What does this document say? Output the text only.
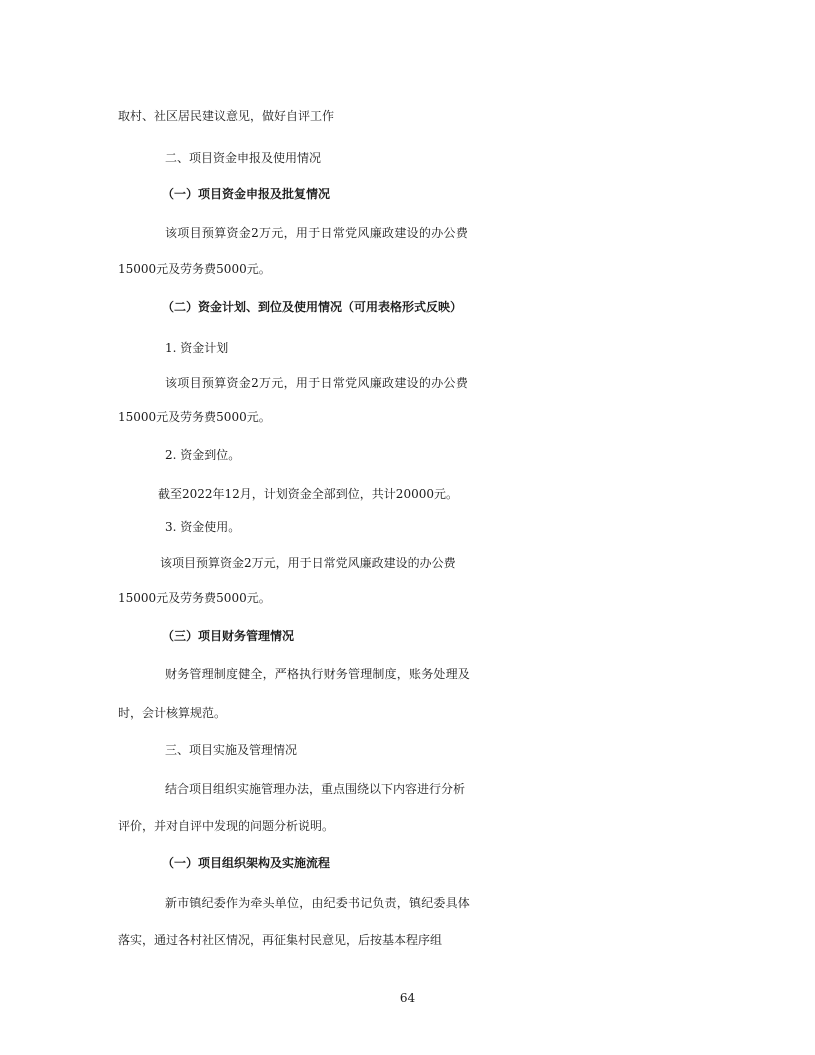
取村、社区居民建议意见，做好自评工作
二、项目资金申报及使用情况
（一）项目资金申报及批复情况
该项目预算资金2万元，用于日常党风廉政建设的办公费
15000元及劳务费5000元。
（二）资金计划、到位及使用情况（可用表格形式反映）
1. 资金计划
该项目预算资金2万元，用于日常党风廉政建设的办公费
15000元及劳务费5000元。
2. 资金到位。
截至2022年12月，计划资金全部到位，共计20000元。
3. 资金使用。
该项目预算资金2万元，用于日常党风廉政建设的办公费
15000元及劳务费5000元。
（三）项目财务管理情况
财务管理制度健全，严格执行财务管理制度，账务处理及
时，会计核算规范。
三、项目实施及管理情况
结合项目组织实施管理办法，重点围绕以下内容进行分析
评价，并对自评中发现的问题分析说明。
（一）项目组织架构及实施流程
新市镇纪委作为牵头单位，由纪委书记负责，镇纪委具体
落实，通过各村社区情况，再征集村民意见，后按基本程序组
64
